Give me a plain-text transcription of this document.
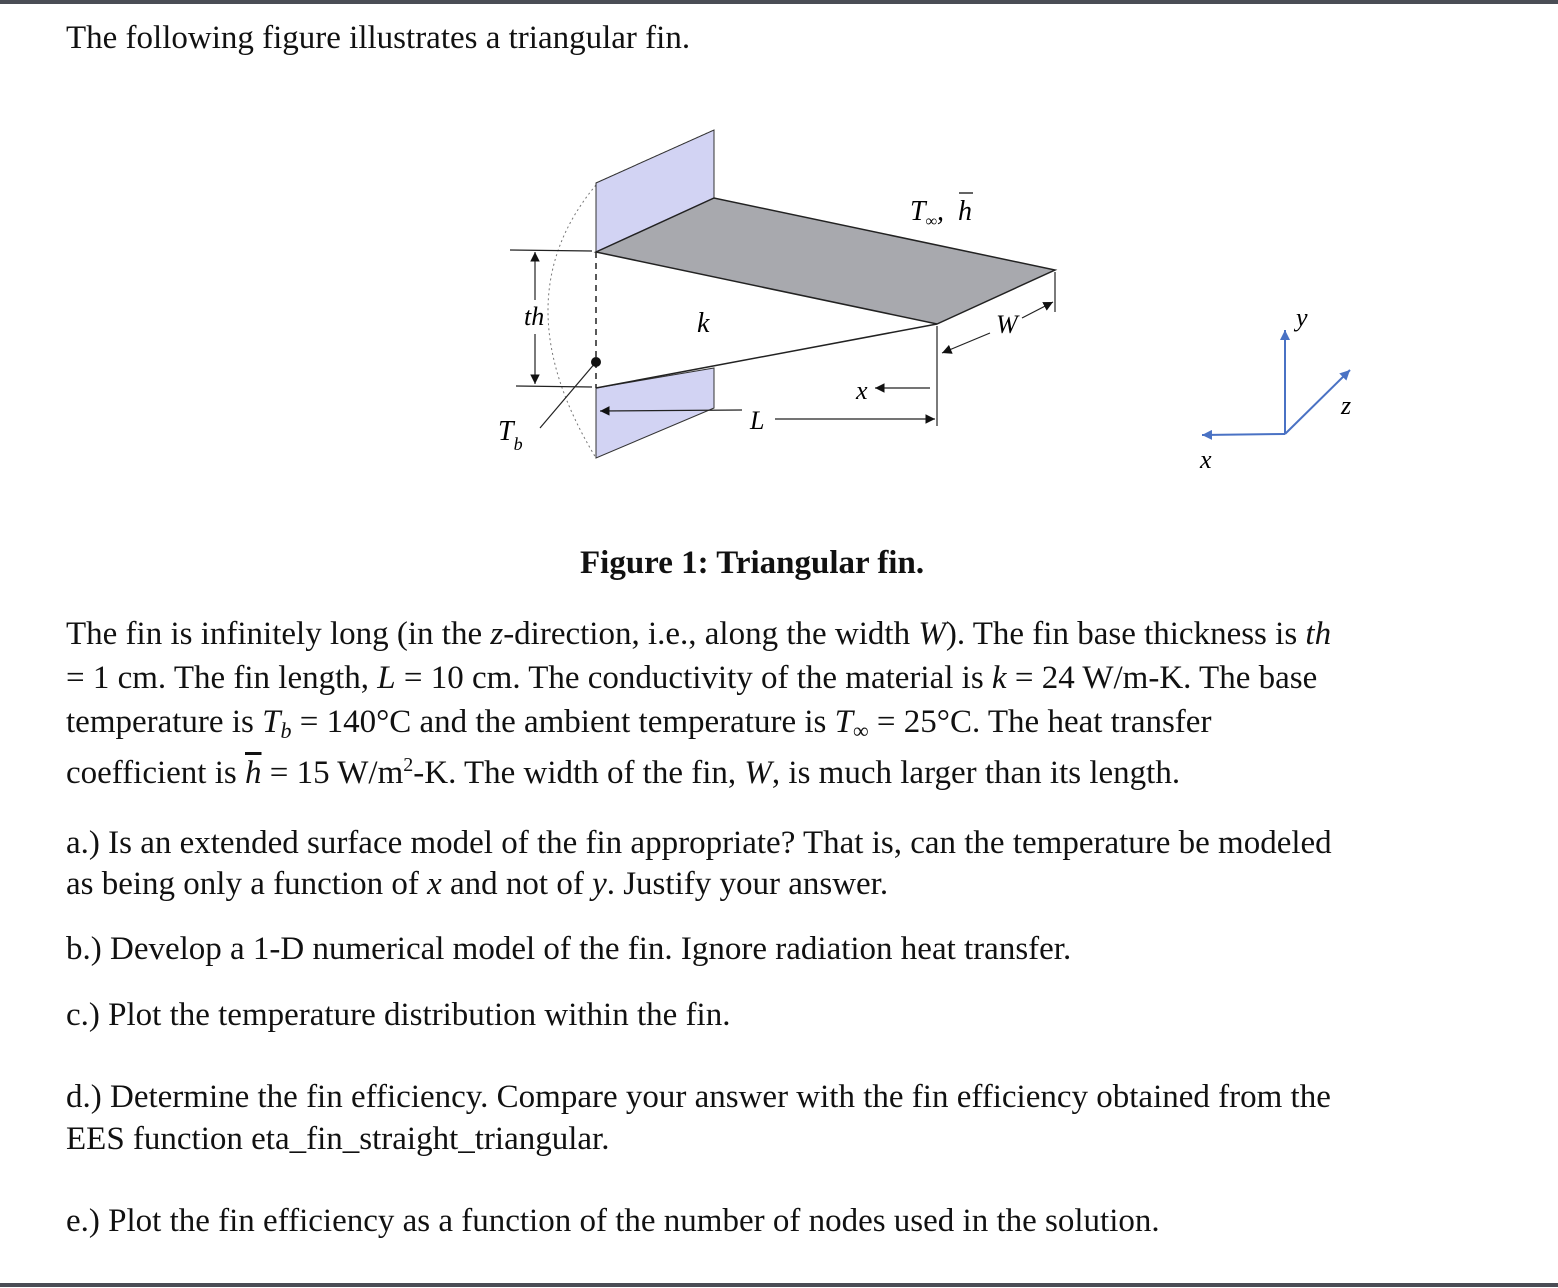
The following figure illustrates a triangular fin.
$T_\infty$, h
th	k	W
x
L
$T_b$
x
y
z
Figure 1: Triangular fin.
The fin is infinitely long (in the z-direction, i.e., along the width W). The fin base thickness is th
= 1 cm. The fin length, L = 10 cm. The conductivity of the material is k = 24 W/m-K. The base
temperature is $T_b = 140^\circ C$ and the ambient temperature is $T_\infty = 25^\circ C$. The heat transfer
coefficient is $\overline{h} = 15$ $W/m^2-K$. The width of the fin, W, is much larger than its length.
a.) Is an extended surface model of the fin appropriate? That is, can the temperature be modeled
as being only a function of x and not of y. Justify your answer.
b.) Develop a 1-D numerical model of the fin. Ignore radiation heat transfer.
c.) Plot the temperature distribution within the fin.
d.) Determine the fin efficiency. Compare your answer with the fin efficiency obtained from the
EES function eta_fin_straight_triangular.
e.) Plot the fin efficiency as a function of the number of nodes used in the solution.
